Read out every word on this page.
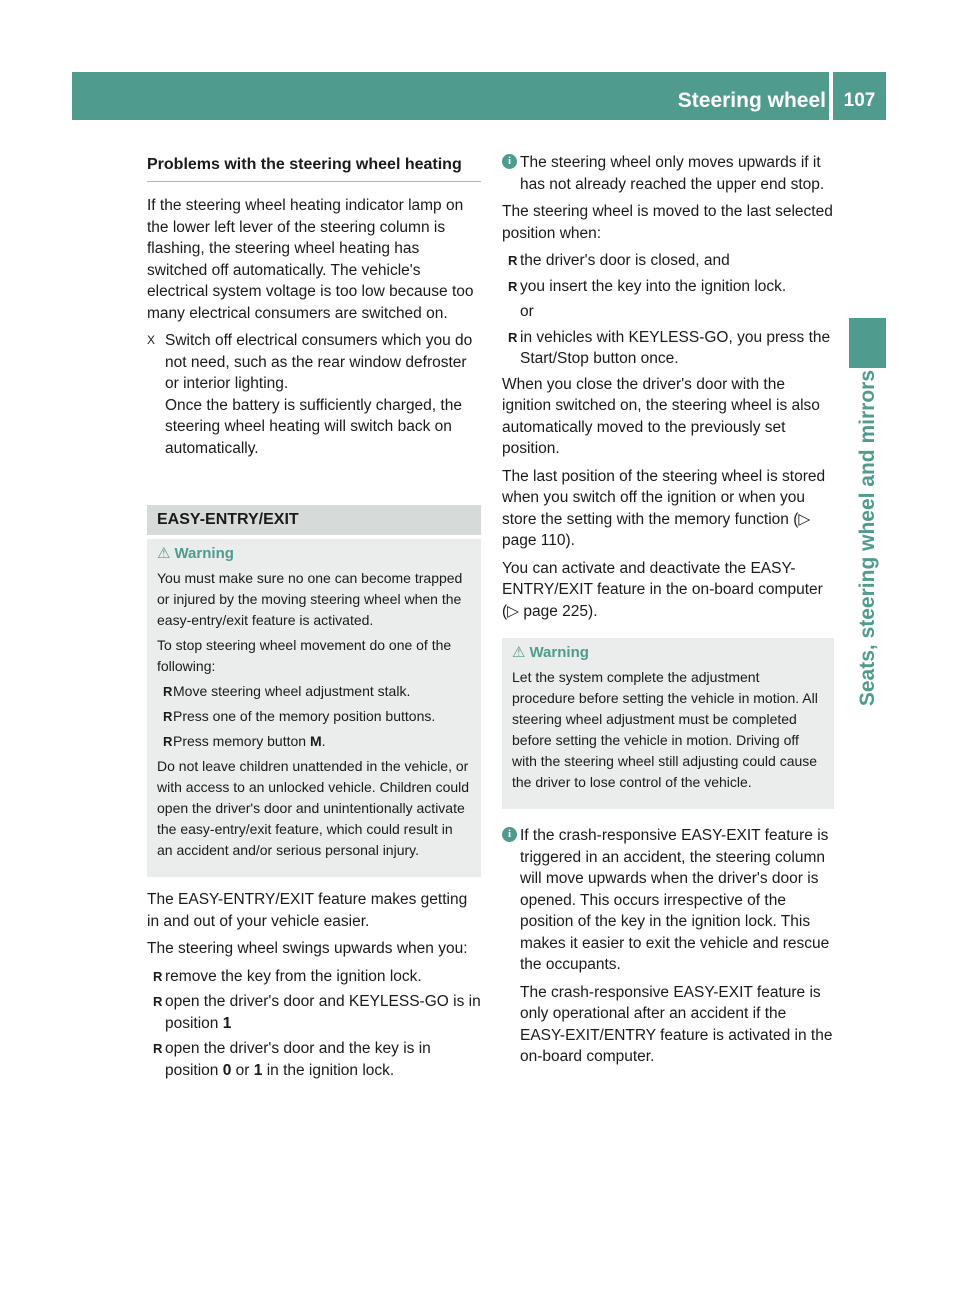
Steering wheel 107
Seats, steering wheel and mirrors
Problems with the steering wheel heating

If the steering wheel heating indicator lamp on the lower left lever of the steering column is flashing, the steering wheel heating has switched off automatically. The vehicle's electrical system voltage is too low because too many electrical consumers are switched on.

X Switch off electrical consumers which you do not need, such as the rear window defroster or interior lighting.
Once the battery is sufficiently charged, the steering wheel heating will switch back on automatically.
EASY-ENTRY/EXIT
⚠ Warning

You must make sure no one can become trapped or injured by the moving steering wheel when the easy-entry/exit feature is activated.

To stop steering wheel movement do one of the following:

R Move steering wheel adjustment stalk.
R Press one of the memory position buttons.
R Press memory button M.

Do not leave children unattended in the vehicle, or with access to an unlocked vehicle. Children could open the driver's door and unintentionally activate the easy-entry/exit feature, which could result in an accident and/or serious personal injury.

The EASY-ENTRY/EXIT feature makes getting in and out of your vehicle easier.

The steering wheel swings upwards when you:

R remove the key from the ignition lock.
R open the driver's door and KEYLESS-GO is in position 1
R open the driver's door and the key is in position 0 or 1 in the ignition lock.
i The steering wheel only moves upwards if it has not already reached the upper end stop.

The steering wheel is moved to the last selected position when:

R the driver's door is closed, and
R you insert the key into the ignition lock.
or
R in vehicles with KEYLESS-GO, you press the Start/Stop button once.

When you close the driver's door with the ignition switched on, the steering wheel is also automatically moved to the previously set position.

The last position of the steering wheel is stored when you switch off the ignition or when you store the setting with the memory function (▷ page 110).

You can activate and deactivate the EASY-ENTRY/EXIT feature in the on-board computer (▷ page 225).

⚠ Warning

Let the system complete the adjustment procedure before setting the vehicle in motion. All steering wheel adjustment must be completed before setting the vehicle in motion. Driving off with the steering wheel still adjusting could cause the driver to lose control of the vehicle.

i If the crash-responsive EASY-EXIT feature is triggered in an accident, the steering column will move upwards when the driver's door is opened. This occurs irrespective of the position of the key in the ignition lock. This makes it easier to exit the vehicle and rescue the occupants.

The crash-responsive EASY-EXIT feature is only operational after an accident if the EASY-EXIT/ENTRY feature is activated in the on-board computer.
